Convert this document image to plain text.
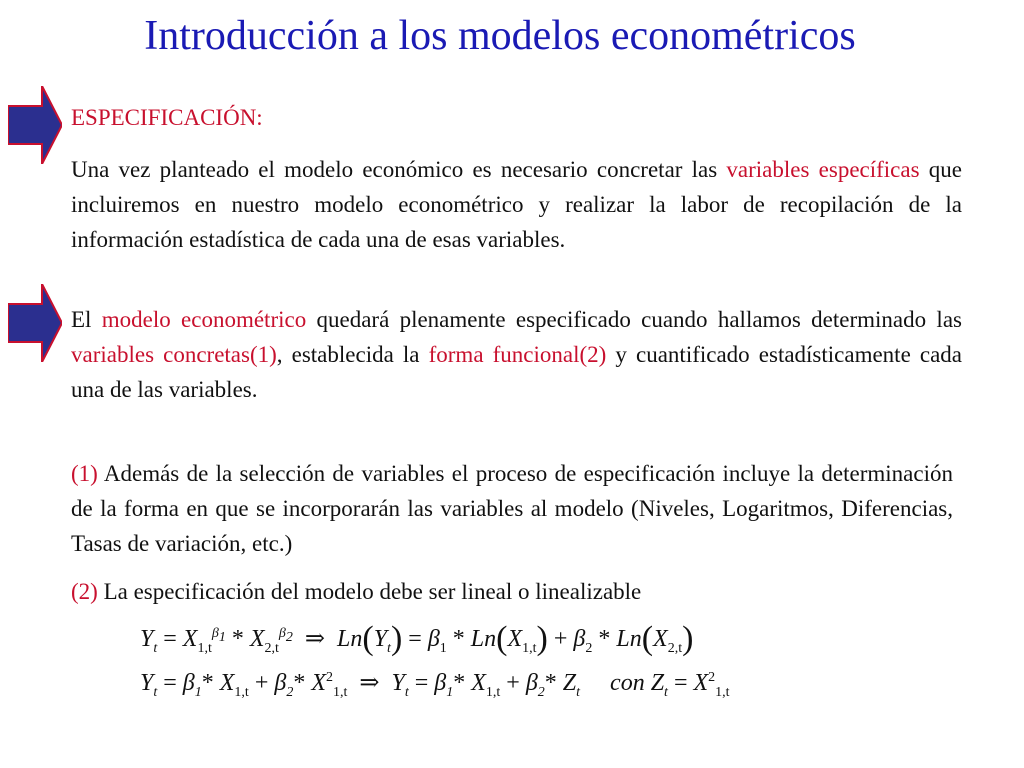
Introducción a los modelos econométricos
ESPECIFICACIÓN:
Una vez planteado el modelo económico es necesario concretar las variables específicas que incluiremos en nuestro modelo econométrico y realizar la labor de recopilación de la información estadística de cada una de esas variables.
El modelo econométrico quedará plenamente especificado cuando hallamos determinado las variables concretas(1), establecida la forma funcional(2) y cuantificado estadísticamente cada una de las variables.
(1) Además de la selección de variables el proceso de especificación incluye la determinación de la forma en que se incorporarán las variables al modelo (Niveles, Logaritmos, Diferencias, Tasas de variación, etc.)
(2) La especificación del modelo debe ser lineal o linealizable
$Y_t = X_{1,t}^{\beta_1} * X_{2,t}^{\beta_2}$  ⇒  $Ln(Y_t) = \beta_1 * Ln(X_{1,t}) + \beta_2 * Ln(X_{2,t})$
$Y_t = \beta_1*$ $X_{1,t} + \beta_2*$ $X^2_{1,t}$  ⇒  $Y_t = \beta_1*$ $X_{1,t} + \beta_2*$ $Z_t$     con $Z_t = X^2_{1,t}$
